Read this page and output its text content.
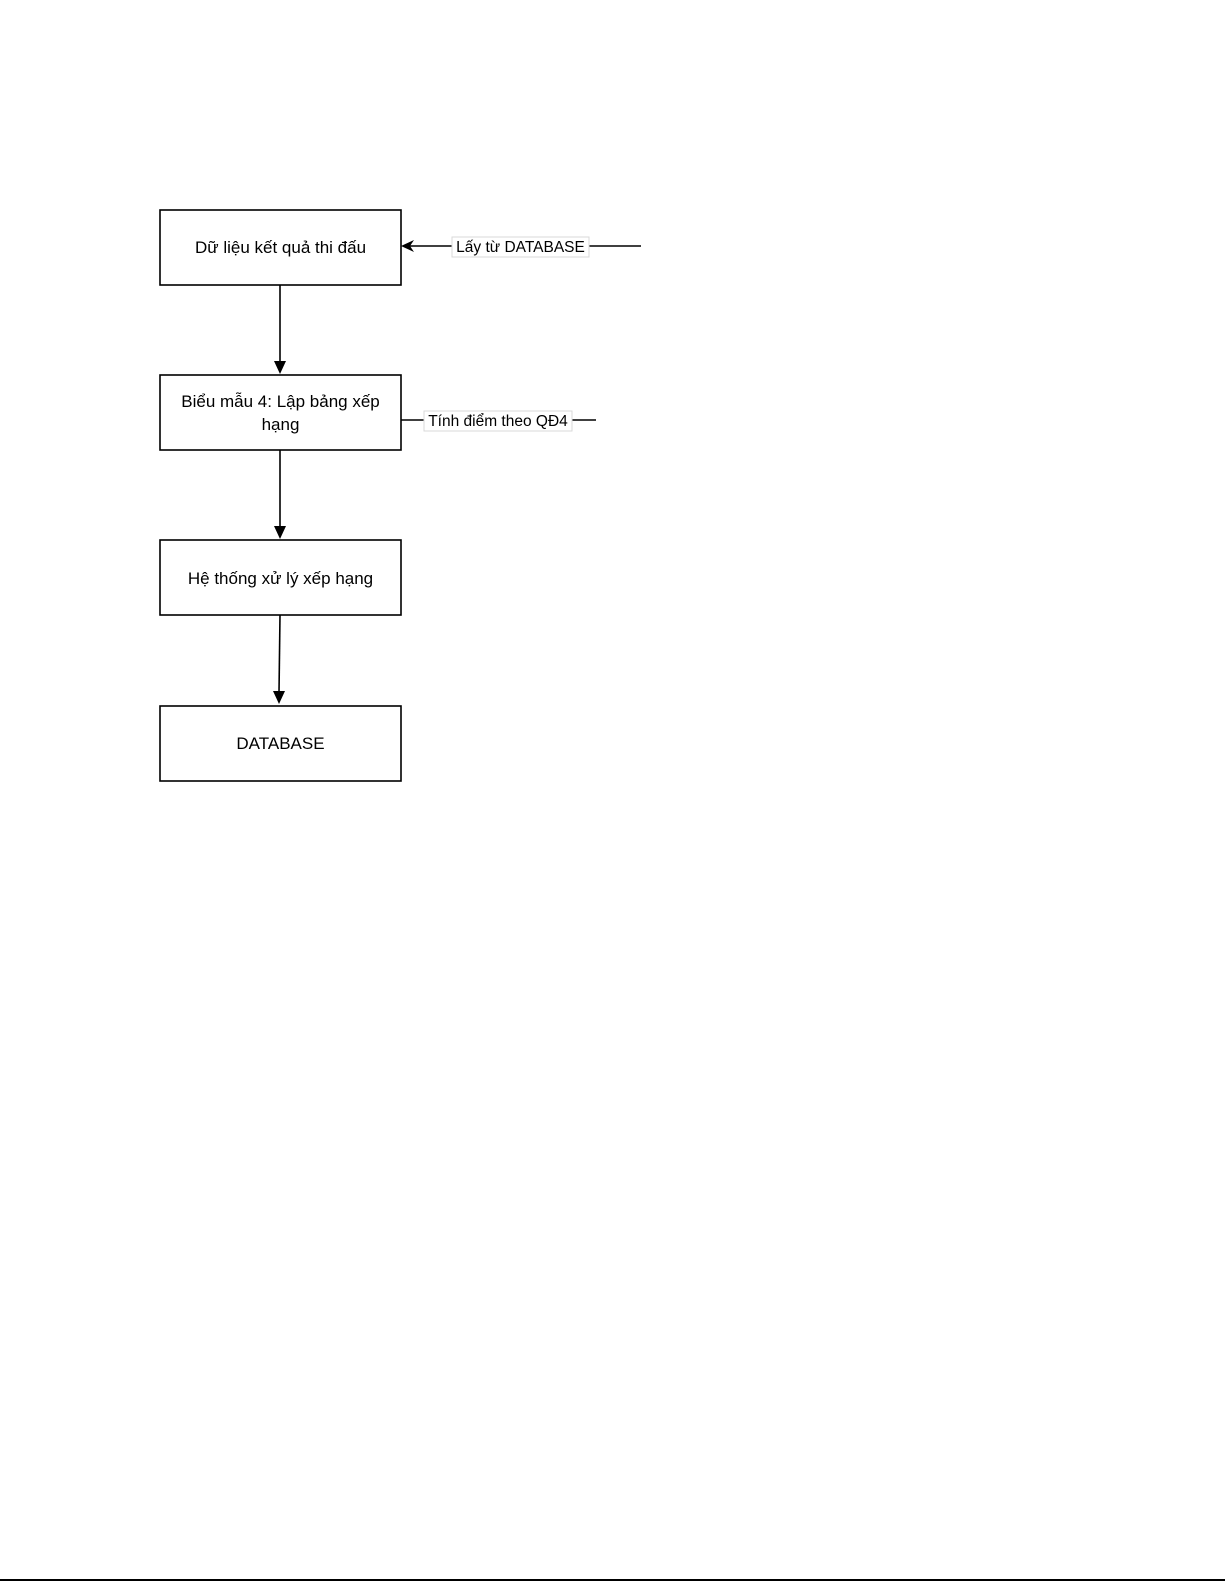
Lấy từ DATABASE
Tính điểm theo QĐ4
Dữ liệu kết quả thi đấu
Biểu mẫu 4: Lập bảng xếp
hạng
Hệ thống xử lý xếp hạng
DATABASE
